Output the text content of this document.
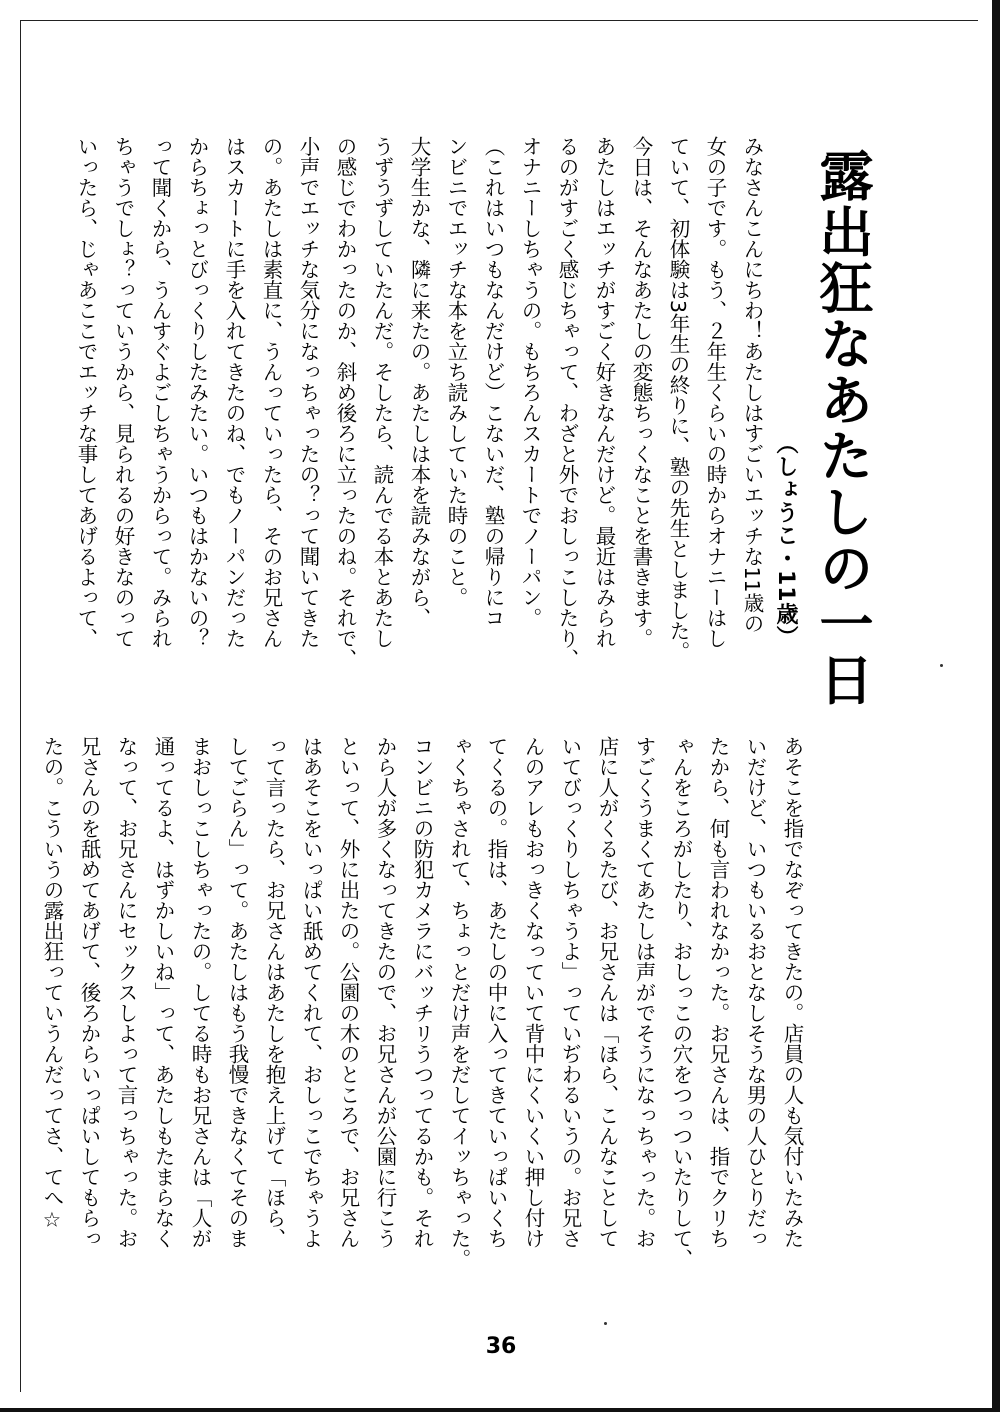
露出狂なあたしの一日
（しょうこ・11歳）
みなさんこんにちわ！あたしはすごいエッチな11歳の
女の子です。もう、２年生くらいの時からオナニーはし
ていて、初体験は3年生の終りに、塾の先生としました。
今日は、そんなあたしの変態ちっくなことを書きます。
あたしはエッチがすごく好きなんだけど。最近はみられ
るのがすごく感じちゃって、わざと外でおしっこしたり、
オナニーしちゃうの。もちろんスカートでノーパン。
（これはいつもなんだけど）こないだ、塾の帰りにコ
ンビニでエッチな本を立ち読みしていた時のこと。
大学生かな、隣に来たの。あたしは本を読みながら、
うずうずしていたんだ。そしたら、読んでる本とあたし
の感じでわかったのか、斜め後ろに立ったのね。それで、
小声でエッチな気分になっちゃったの？って聞いてきた
の。あたしは素直に、うんっていったら、そのお兄さん
はスカートに手を入れてきたのね、でもノーパンだった
からちょっとびっくりしたみたい。いつもはかないの？
って聞くから、うんすぐよごしちゃうからって。みられ
ちゃうでしょ？っていうから、見られるの好きなのって
いったら、じゃあここでエッチな事してあげるよって、
あそこを指でなぞってきたの。店員の人も気付いたみた
いだけど、いつもいるおとなしそうな男の人ひとりだっ
たから、何も言われなかった。お兄さんは、指でクリち
ゃんをころがしたり、おしっこの穴をつっついたりして、
すごくうまくてあたしは声がでそうになっちゃった。お
店に人がくるたび、お兄さんは「ほら、こんなことして
いてびっくりしちゃうよ」っていぢわるいうの。お兄さ
んのアレもおっきくなっていて背中にくいくい押し付け
てくるの。指は、あたしの中に入ってきていっぱいくち
ゃくちゃされて、ちょっとだけ声をだしてイッちゃった。
コンビニの防犯カメラにバッチリうつってるかも。それ
から人が多くなってきたので、お兄さんが公園に行こう
といって、外に出たの。公園の木のところで、お兄さん
はあそこをいっぱい舐めてくれて、おしっこでちゃうよ
って言ったら、お兄さんはあたしを抱え上げて「ほら、
してごらん」って。あたしはもう我慢できなくてそのま
まおしっこしちゃったの。してる時もお兄さんは「人が
通ってるよ、はずかしいね」って、あたしもたまらなく
なって、お兄さんにセックスしよって言っちゃった。お
兄さんのを舐めてあげて、後ろからいっぱいしてもらっ
たの。こういうの露出狂っていうんだってさ、てへ☆
36
